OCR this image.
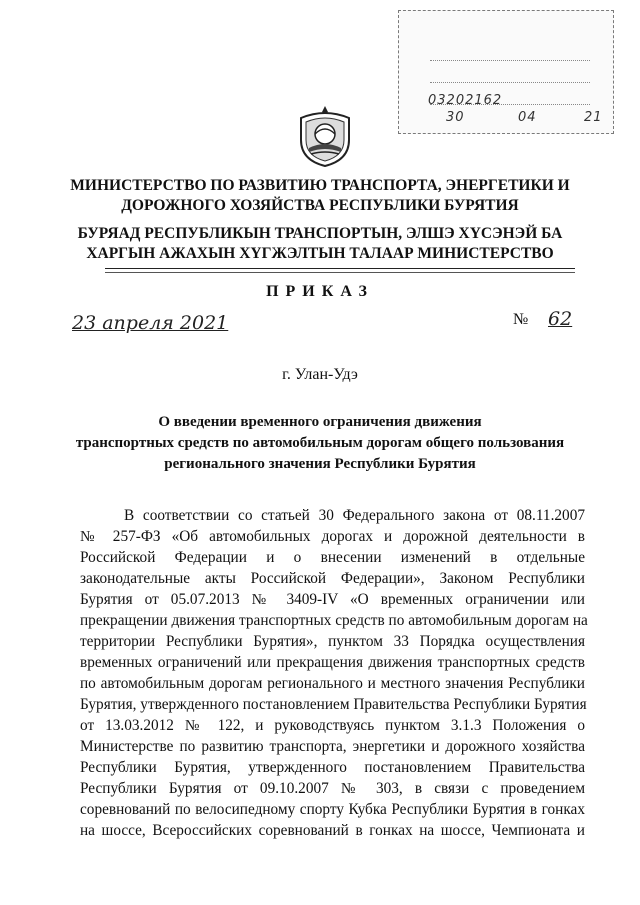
03202162
30	04	21
МИНИСТЕРСТВО ПО РАЗВИТИЮ ТРАНСПОРТА, ЭНЕРГЕТИКИ И
ДОРОЖНОГО ХОЗЯЙСТВА РЕСПУБЛИКИ БУРЯТИЯ
БУРЯАД РЕСПУБЛИКЫН ТРАНСПОРТЫН, ЭЛШЭ ХҮСЭНЭЙ БА
ХАРГЫН АЖАХЫН ХҮГЖЭЛТЫН ТАЛААР МИНИСТЕРСТВО
ПРИКАЗ
23 апреля 2021	№ 62
г. Улан-Удэ
О введении временного ограничения движения
транспортных средств по автомобильным дорогам общего пользования
регионального значения Республики Бурятия
В соответствии со статьей 30 Федерального закона от 08.11.2007
№ 257-ФЗ «Об автомобильных дорогах и дорожной деятельности в
Российской Федерации и о внесении изменений в отдельные
законодательные акты Российской Федерации», Законом Республики
Бурятия от 05.07.2013 № 3409-IV «О временных ограничении или
прекращении движения транспортных средств по автомобильным дорогам на
территории Республики Бурятия», пунктом 33 Порядка осуществления
временных ограничений или прекращения движения транспортных средств
по автомобильным дорогам регионального и местного значения Республики
Бурятия, утвержденного постановлением Правительства Республики Бурятия
от 13.03.2012 № 122, и руководствуясь пунктом 3.1.3 Положения о
Министерстве по развитию транспорта, энергетики и дорожного хозяйства
Республики Бурятия, утвержденного постановлением Правительства
Республики Бурятия от 09.10.2007 № 303, в связи с проведением
соревнований по велосипедному спорту Кубка Республики Бурятия в гонках
на шоссе, Всероссийских соревнований в гонках на шоссе, Чемпионата и
